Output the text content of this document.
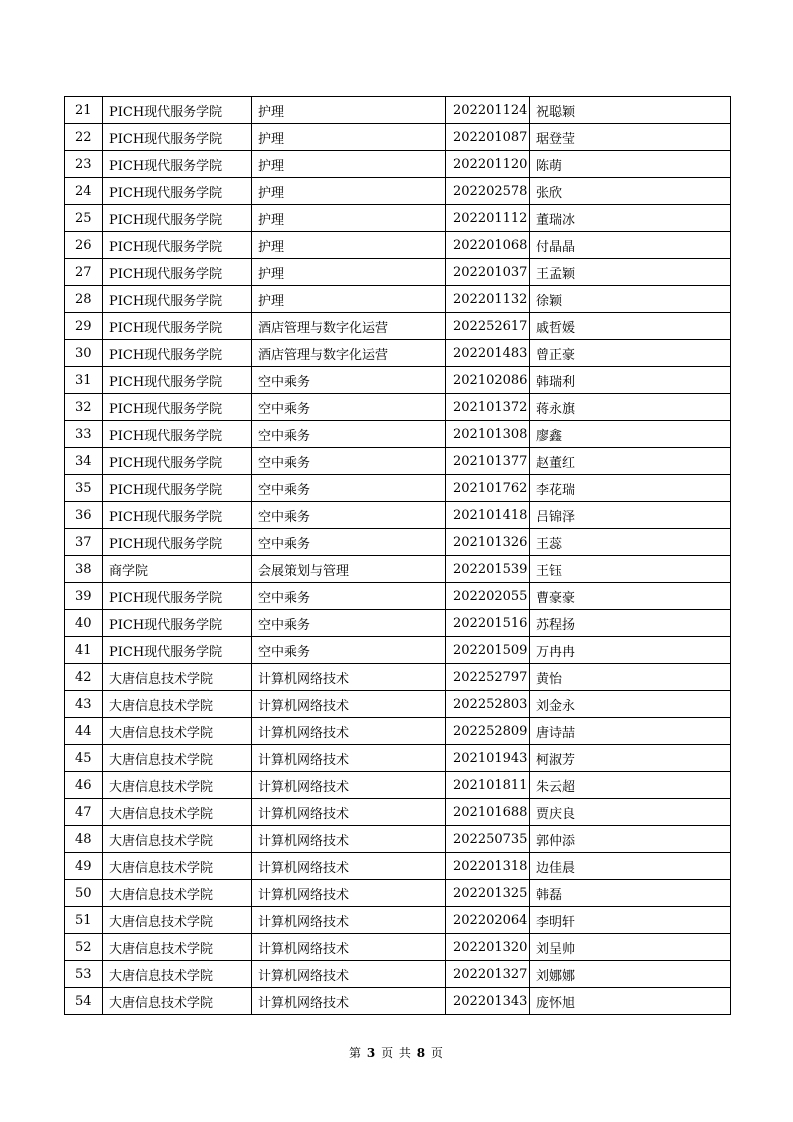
21	PICH现代服务学院	护理	202201124	祝聪颖
22	PICH现代服务学院	护理	202201087	琚登莹
23	PICH现代服务学院	护理	202201120	陈萌
24	PICH现代服务学院	护理	202202578	张欣
25	PICH现代服务学院	护理	202201112	董瑞冰
26	PICH现代服务学院	护理	202201068	付晶晶
27	PICH现代服务学院	护理	202201037	王孟颖
28	PICH现代服务学院	护理	202201132	徐颖
29	PICH现代服务学院	酒店管理与数字化运营	202252617	戚哲媛
30	PICH现代服务学院	酒店管理与数字化运营	202201483	曾正豪
31	PICH现代服务学院	空中乘务	202102086	韩瑞利
32	PICH现代服务学院	空中乘务	202101372	蒋永旗
33	PICH现代服务学院	空中乘务	202101308	廖鑫
34	PICH现代服务学院	空中乘务	202101377	赵董红
35	PICH现代服务学院	空中乘务	202101762	李花瑞
36	PICH现代服务学院	空中乘务	202101418	吕锦泽
37	PICH现代服务学院	空中乘务	202101326	王蕊
38	商学院	会展策划与管理	202201539	王钰
39	PICH现代服务学院	空中乘务	202202055	曹豪豪
40	PICH现代服务学院	空中乘务	202201516	苏程扬
41	PICH现代服务学院	空中乘务	202201509	万冉冉
42	大唐信息技术学院	计算机网络技术	202252797	黄怡
43	大唐信息技术学院	计算机网络技术	202252803	刘金永
44	大唐信息技术学院	计算机网络技术	202252809	唐诗喆
45	大唐信息技术学院	计算机网络技术	202101943	柯淑芳
46	大唐信息技术学院	计算机网络技术	202101811	朱云超
47	大唐信息技术学院	计算机网络技术	202101688	贾庆良
48	大唐信息技术学院	计算机网络技术	202250735	郭仲添
49	大唐信息技术学院	计算机网络技术	202201318	边佳晨
50	大唐信息技术学院	计算机网络技术	202201325	韩磊
51	大唐信息技术学院	计算机网络技术	202202064	李明轩
52	大唐信息技术学院	计算机网络技术	202201320	刘呈帅
53	大唐信息技术学院	计算机网络技术	202201327	刘娜娜
54	大唐信息技术学院	计算机网络技术	202201343	庞怀旭
第 3 页 共 8 页
